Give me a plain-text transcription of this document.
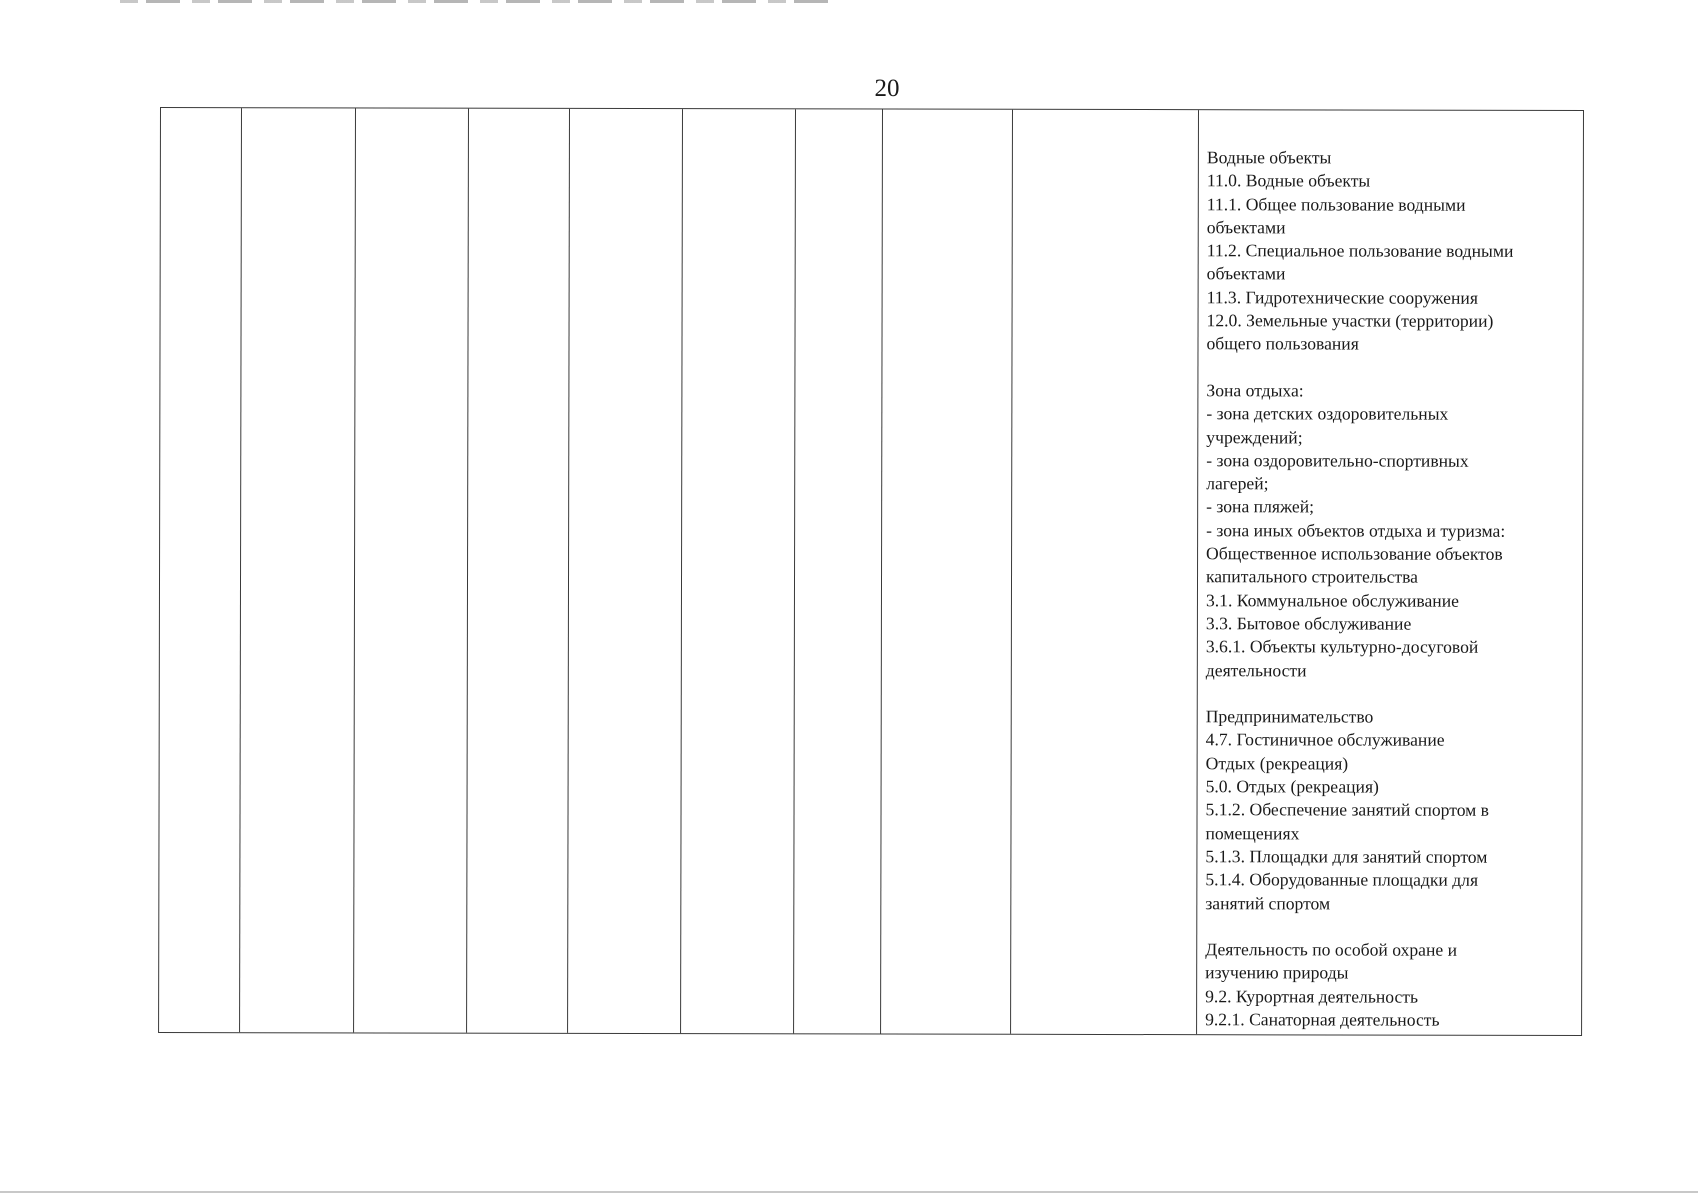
20
Водные объекты
11.0. Водные объекты
11.1. Общее пользование водными
объектами
11.2. Специальное пользование водными
объектами
11.3. Гидротехнические сооружения
12.0. Земельные участки (территории)
общего пользования
Зона отдыха:
- зона детских оздоровительных
учреждений;
- зона оздоровительно-спортивных
лагерей;
- зона пляжей;
- зона иных объектов отдыха и туризма:
Общественное использование объектов
капитального строительства
3.1. Коммунальное обслуживание
3.3. Бытовое обслуживание
3.6.1. Объекты культурно-досуговой
деятельности
Предпринимательство
4.7. Гостиничное обслуживание
Отдых (рекреация)
5.0. Отдых (рекреация)
5.1.2. Обеспечение занятий спортом в
помещениях
5.1.3. Площадки для занятий спортом
5.1.4. Оборудованные площадки для
занятий спортом
Деятельность по особой охране и
изучению природы
9.2. Курортная деятельность
9.2.1. Санаторная деятельность
